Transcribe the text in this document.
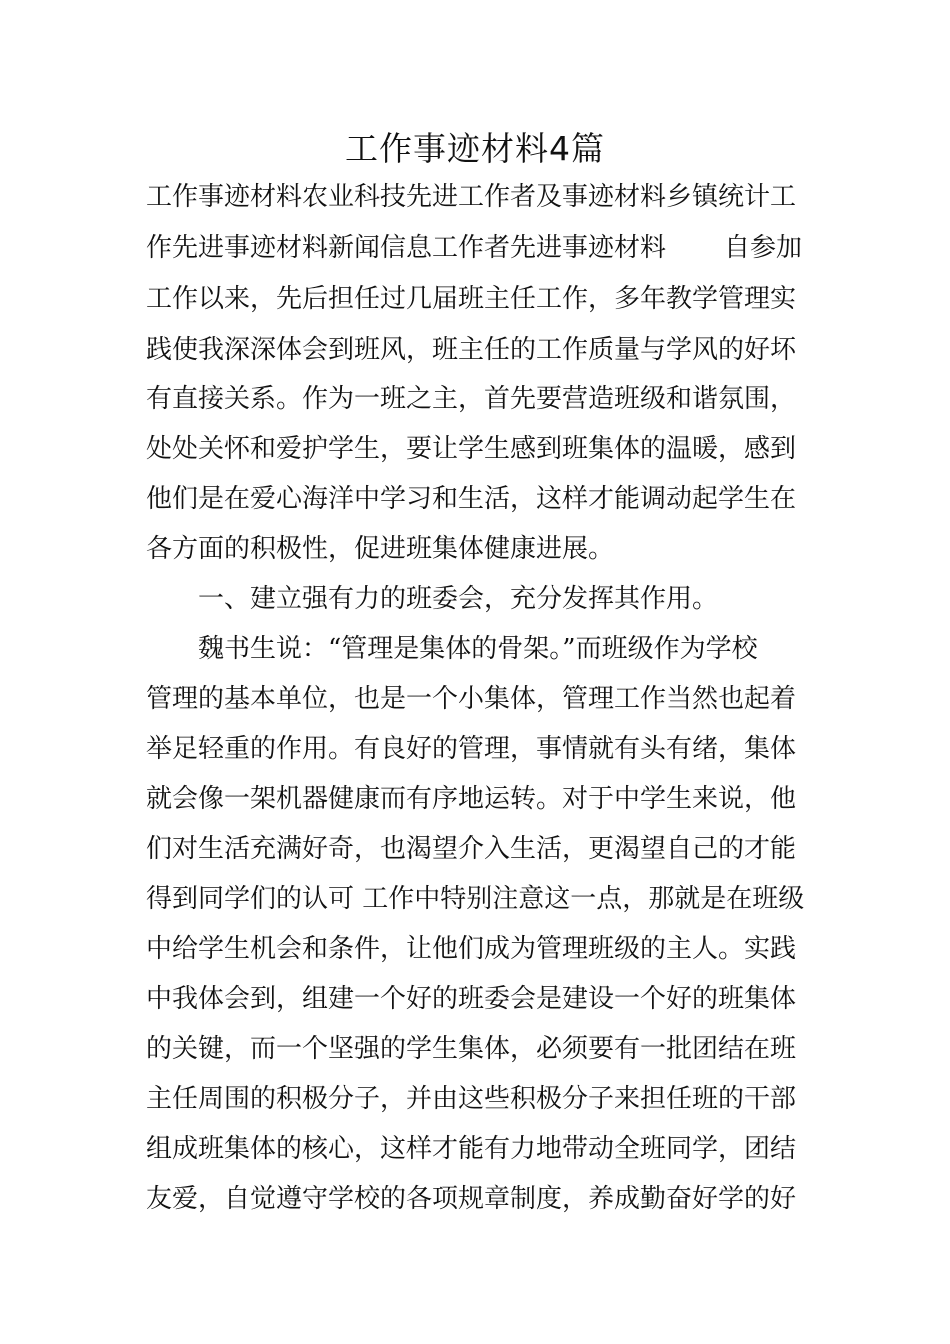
工作事迹材料4篇
工作事迹材料农业科技先进工作者及事迹材料乡镇统计工
作先进事迹材料新闻信息工作者先进事迹材料 自参加
工作以来，先后担任过几届班主任工作，多年教学管理实
践使我深深体会到班风，班主任的工作质量与学风的好坏
有直接关系。作为一班之主，首先要营造班级和谐氛围，
处处关怀和爱护学生，要让学生感到班集体的温暖，感到
他们是在爱心海洋中学习和生活，这样才能调动起学生在
各方面的积极性，促进班集体健康进展。
一、建立强有力的班委会，充分发挥其作用。
魏书生说：“管理是集体的骨架。”而班级作为学校
管理的基本单位，也是一个小集体，管理工作当然也起着
举足轻重的作用。有良好的管理，事情就有头有绪，集体
就会像一架机器健康而有序地运转。对于中学生来说，他
们对生活充满好奇，也渴望介入生活，更渴望自己的才能
得到同学们的认可 工作中特别注意这一点，那就是在班级
中给学生机会和条件，让他们成为管理班级的主人。实践
中我体会到，组建一个好的班委会是建设一个好的班集体
的关键，而一个坚强的学生集体，必须要有一批团结在班
主任周围的积极分子，并由这些积极分子来担任班的干部
组成班集体的核心，这样才能有力地带动全班同学，团结
友爱，自觉遵守学校的各项规章制度，养成勤奋好学的好
